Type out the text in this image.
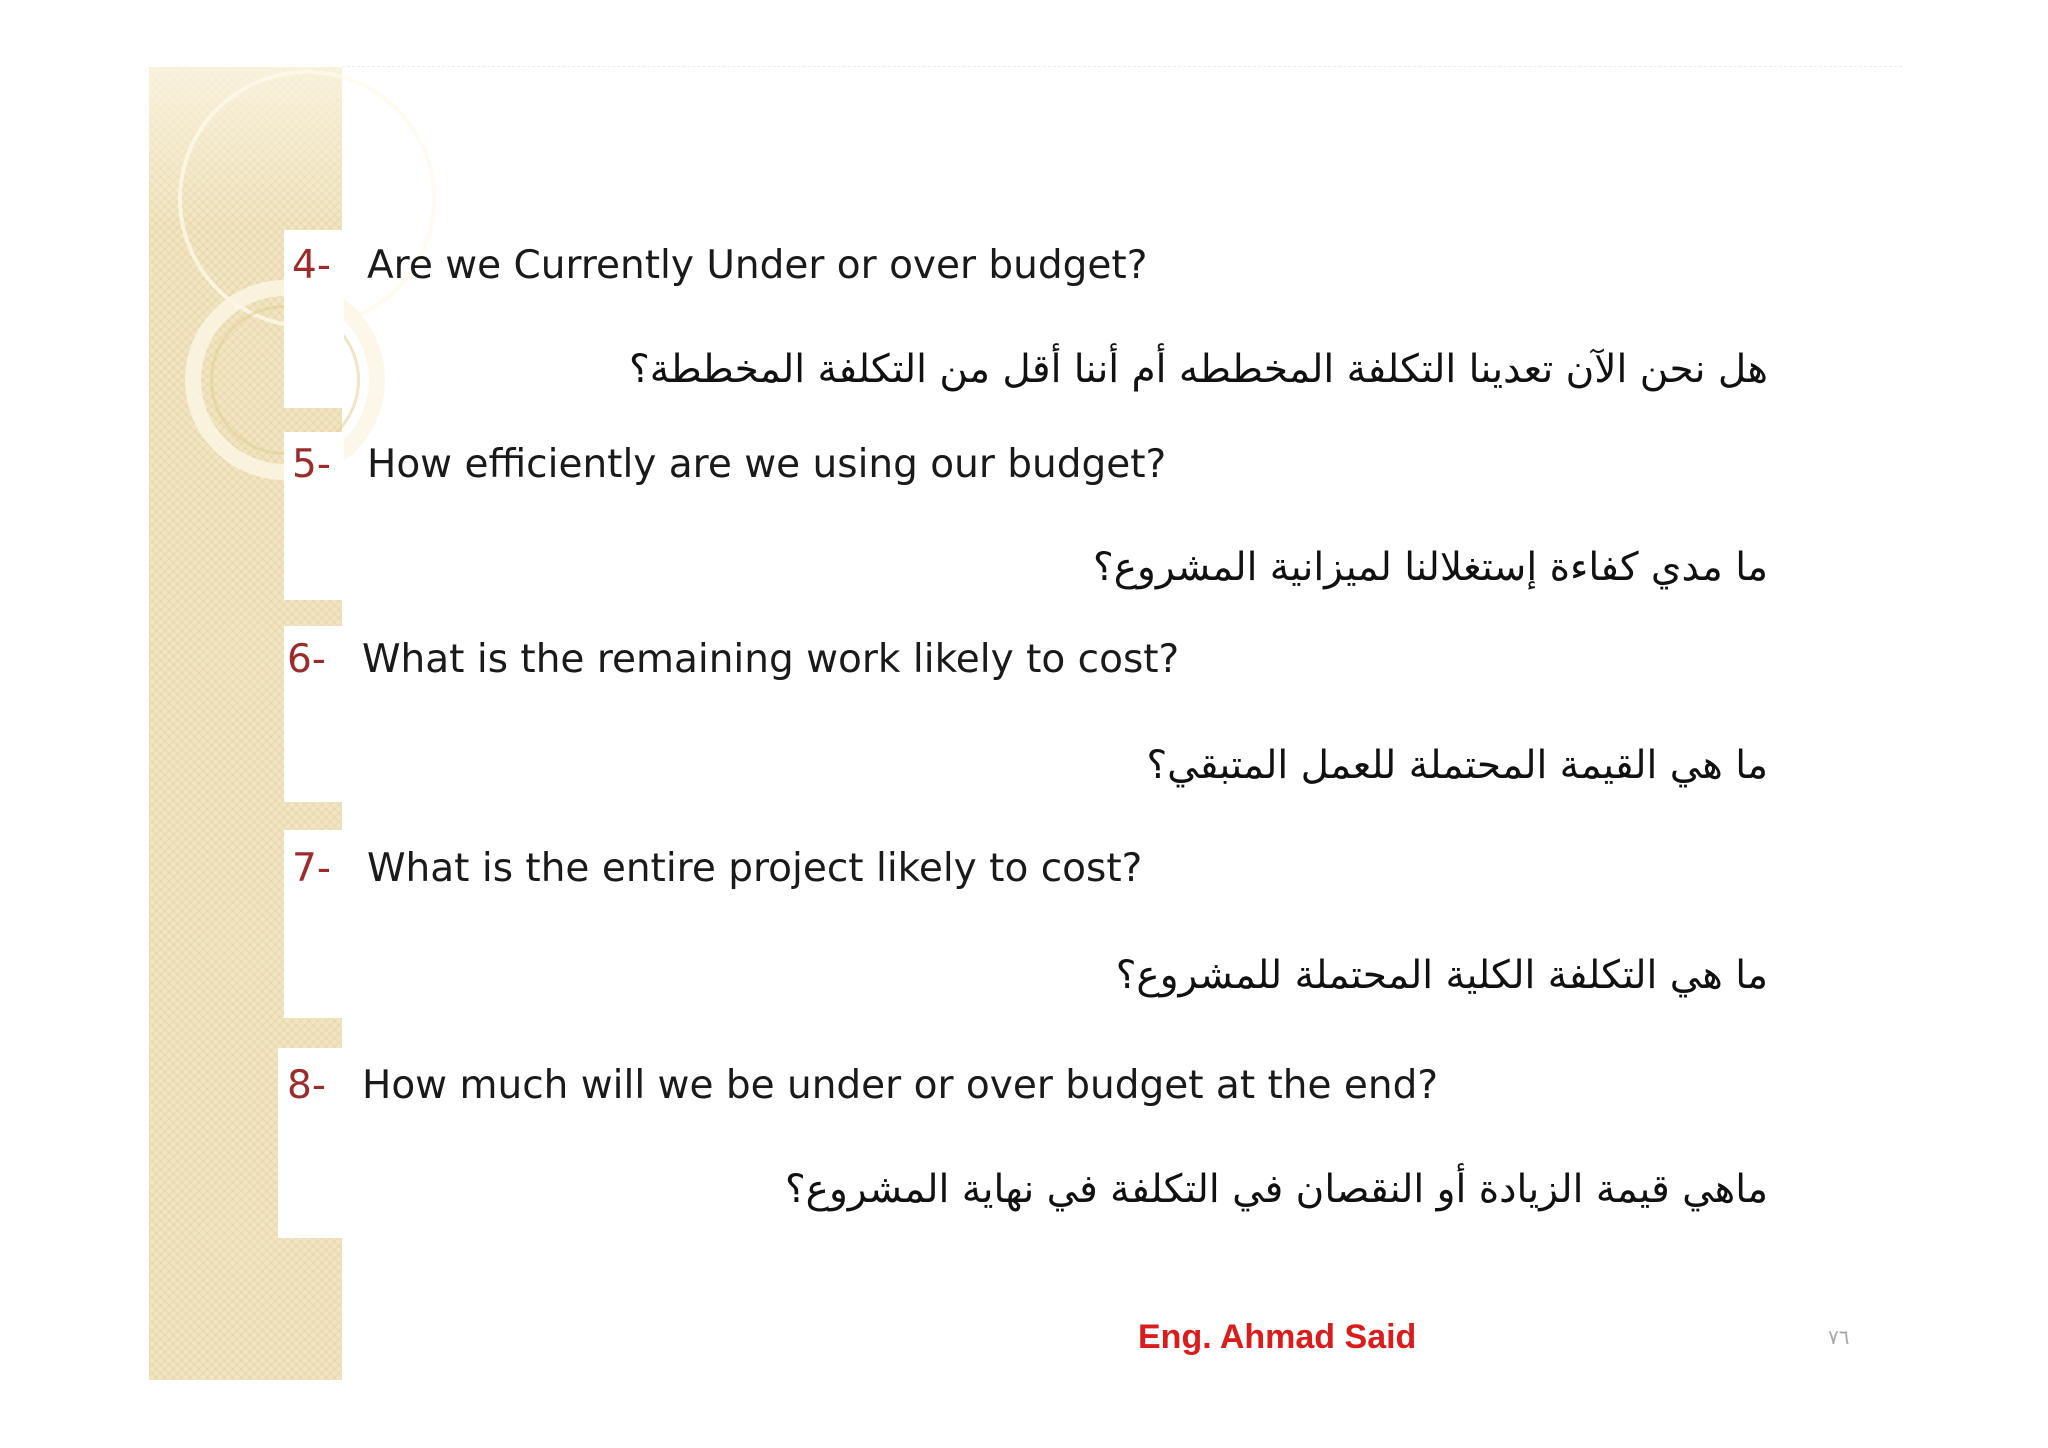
4- Are we Currently Under or over budget?
هل نحن الآن تعدينا التكلفة المخططه أم أننا أقل من التكلفة المخططة؟
5- How efficiently are we using our budget?
ما مدي كفاءة إستغلالنا لميزانية المشروع؟
6- What is the remaining work likely to cost?
ما هي القيمة المحتملة للعمل المتبقي؟
7- What is the entire project likely to cost?
ما هي التكلفة الكلية المحتملة للمشروع؟
8- How much will we be under or over budget at the end?
ماهي قيمة الزيادة أو النقصان في التكلفة في نهاية المشروع؟
Eng. Ahmad Said	٧٦
